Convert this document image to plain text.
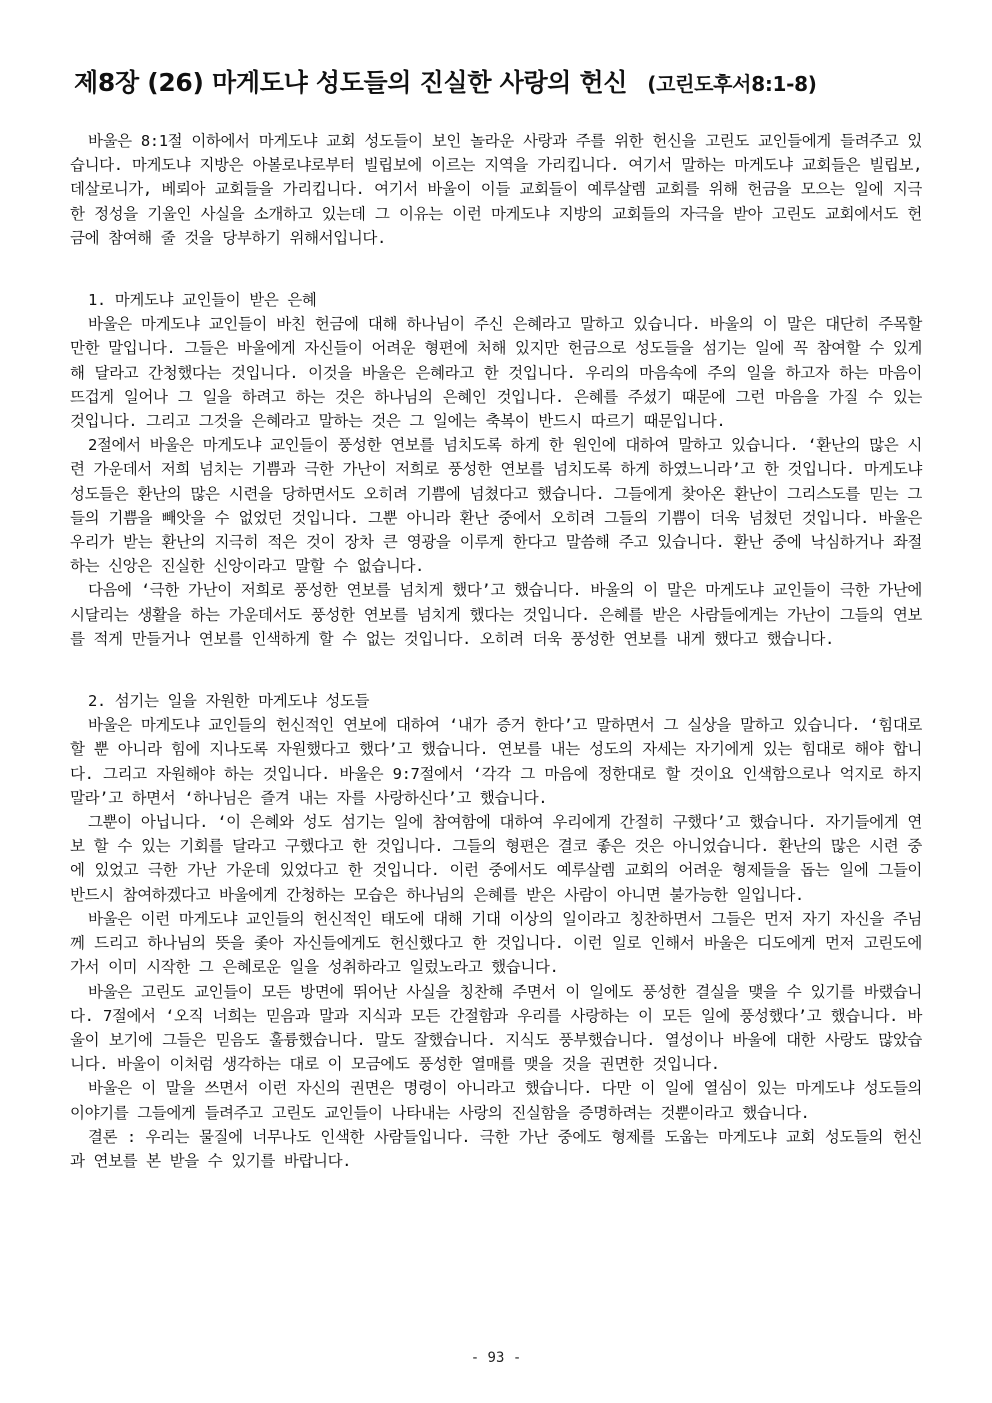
제8장 (26) 마게도냐 성도들의 진실한 사랑의 헌신 (고린도후서8:1-8)

바울은 8:1절 이하에서 마게도냐 교회 성도들이 보인 놀라운 사랑과 주를 위한 헌신을 고린도 교인들에게 들려주고 있습니다. 마게도냐 지방은 아볼로냐로부터 빌립보에 이르는 지역을 가리킵니다. 여기서 말하는 마게도냐 교회들은 빌립보, 데살로니가, 베뢰아 교회들을 가리킵니다. 여기서 바울이 이들 교회들이 예루살렘 교회를 위해 헌금을 모으는 일에 지극한 정성을 기울인 사실을 소개하고 있는데 그 이유는 이런 마게도냐 지방의 교회들의 자극을 받아 고린도 교회에서도 헌금에 참여해 줄 것을 당부하기 위해서입니다.

1. 마게도냐 교인들이 받은 은혜

바울은 마게도냐 교인들이 바친 헌금에 대해 하나님이 주신 은혜라고 말하고 있습니다. 바울의 이 말은 대단히 주목할 만한 말입니다. 그들은 바울에게 자신들이 어려운 형편에 처해 있지만 헌금으로 성도들을 섬기는 일에 꼭 참여할 수 있게 해 달라고 간청했다는 것입니다. 이것을 바울은 은혜라고 한 것입니다. 우리의 마음속에 주의 일을 하고자 하는 마음이 뜨겁게 일어나 그 일을 하려고 하는 것은 하나님의 은혜인 것입니다. 은혜를 주셨기 때문에 그런 마음을 가질 수 있는 것입니다. 그리고 그것을 은혜라고 말하는 것은 그 일에는 축복이 반드시 따르기 때문입니다.

2절에서 바울은 마게도냐 교인들이 풍성한 연보를 넘치도록 하게 한 원인에 대하여 말하고 있습니다. ‘환난의 많은 시련 가운데서 저희 넘치는 기쁨과 극한 가난이 저희로 풍성한 연보를 넘치도록 하게 하였느니라’고 한 것입니다. 마게도냐 성도들은 환난의 많은 시련을 당하면서도 오히려 기쁨에 넘쳤다고 했습니다. 그들에게 찾아온 환난이 그리스도를 믿는 그들의 기쁨을 빼앗을 수 없었던 것입니다. 그뿐 아니라 환난 중에서 오히려 그들의 기쁨이 더욱 넘쳤던 것입니다. 바울은 우리가 받는 환난의 지극히 적은 것이 장차 큰 영광을 이루게 한다고 말씀해 주고 있습니다. 환난 중에 낙심하거나 좌절하는 신앙은 진실한 신앙이라고 말할 수 없습니다.

다음에 ‘극한 가난이 저희로 풍성한 연보를 넘치게 했다’고 했습니다. 바울의 이 말은 마게도냐 교인들이 극한 가난에 시달리는 생활을 하는 가운데서도 풍성한 연보를 넘치게 했다는 것입니다. 은혜를 받은 사람들에게는 가난이 그들의 연보를 적게 만들거나 연보를 인색하게 할 수 없는 것입니다. 오히려 더욱 풍성한 연보를 내게 했다고 했습니다.

2. 섬기는 일을 자원한 마게도냐 성도들

바울은 마게도냐 교인들의 헌신적인 연보에 대하여 ‘내가 증거 한다’고 말하면서 그 실상을 말하고 있습니다. ‘힘대로 할 뿐 아니라 힘에 지나도록 자원했다고 했다’고 했습니다. 연보를 내는 성도의 자세는 자기에게 있는 힘대로 해야 합니다. 그리고 자원해야 하는 것입니다. 바울은 9:7절에서 ‘각각 그 마음에 정한대로 할 것이요 인색함으로나 억지로 하지 말라’고 하면서 ‘하나님은 즐겨 내는 자를 사랑하신다’고 했습니다.

그뿐이 아닙니다. ‘이 은혜와 성도 섬기는 일에 참여함에 대하여 우리에게 간절히 구했다’고 했습니다. 자기들에게 연보 할 수 있는 기회를 달라고 구했다고 한 것입니다. 그들의 형편은 결코 좋은 것은 아니었습니다. 환난의 많은 시련 중에 있었고 극한 가난 가운데 있었다고 한 것입니다. 이런 중에서도 예루살렘 교회의 어려운 형제들을 돕는 일에 그들이 반드시 참여하겠다고 바울에게 간청하는 모습은 하나님의 은혜를 받은 사람이 아니면 불가능한 일입니다.

바울은 이런 마게도냐 교인들의 헌신적인 태도에 대해 기대 이상의 일이라고 칭찬하면서 그들은 먼저 자기 자신을 주님께 드리고 하나님의 뜻을 좇아 자신들에게도 헌신했다고 한 것입니다. 이런 일로 인해서 바울은 디도에게 먼저 고린도에 가서 이미 시작한 그 은혜로운 일을 성취하라고 일렀노라고 했습니다.

바울은 고린도 교인들이 모든 방면에 뛰어난 사실을 칭찬해 주면서 이 일에도 풍성한 결실을 맺을 수 있기를 바랬습니다. 7절에서 ‘오직 너희는 믿음과 말과 지식과 모든 간절함과 우리를 사랑하는 이 모든 일에 풍성했다’고 했습니다. 바울이 보기에 그들은 믿음도 훌륭했습니다. 말도 잘했습니다. 지식도 풍부했습니다. 열성이나 바울에 대한 사랑도 많았습니다. 바울이 이처럼 생각하는 대로 이 모금에도 풍성한 열매를 맺을 것을 권면한 것입니다.

바울은 이 말을 쓰면서 이런 자신의 권면은 명령이 아니라고 했습니다. 다만 이 일에 열심이 있는 마게도냐 성도들의 이야기를 그들에게 들려주고 고린도 교인들이 나타내는 사랑의 진실함을 증명하려는 것뿐이라고 했습니다.

결론 : 우리는 물질에 너무나도 인색한 사람들입니다. 극한 가난 중에도 형제를 도웁는 마게도냐 교회 성도들의 헌신과 연보를 본 받을 수 있기를 바랍니다.

- 93 -
